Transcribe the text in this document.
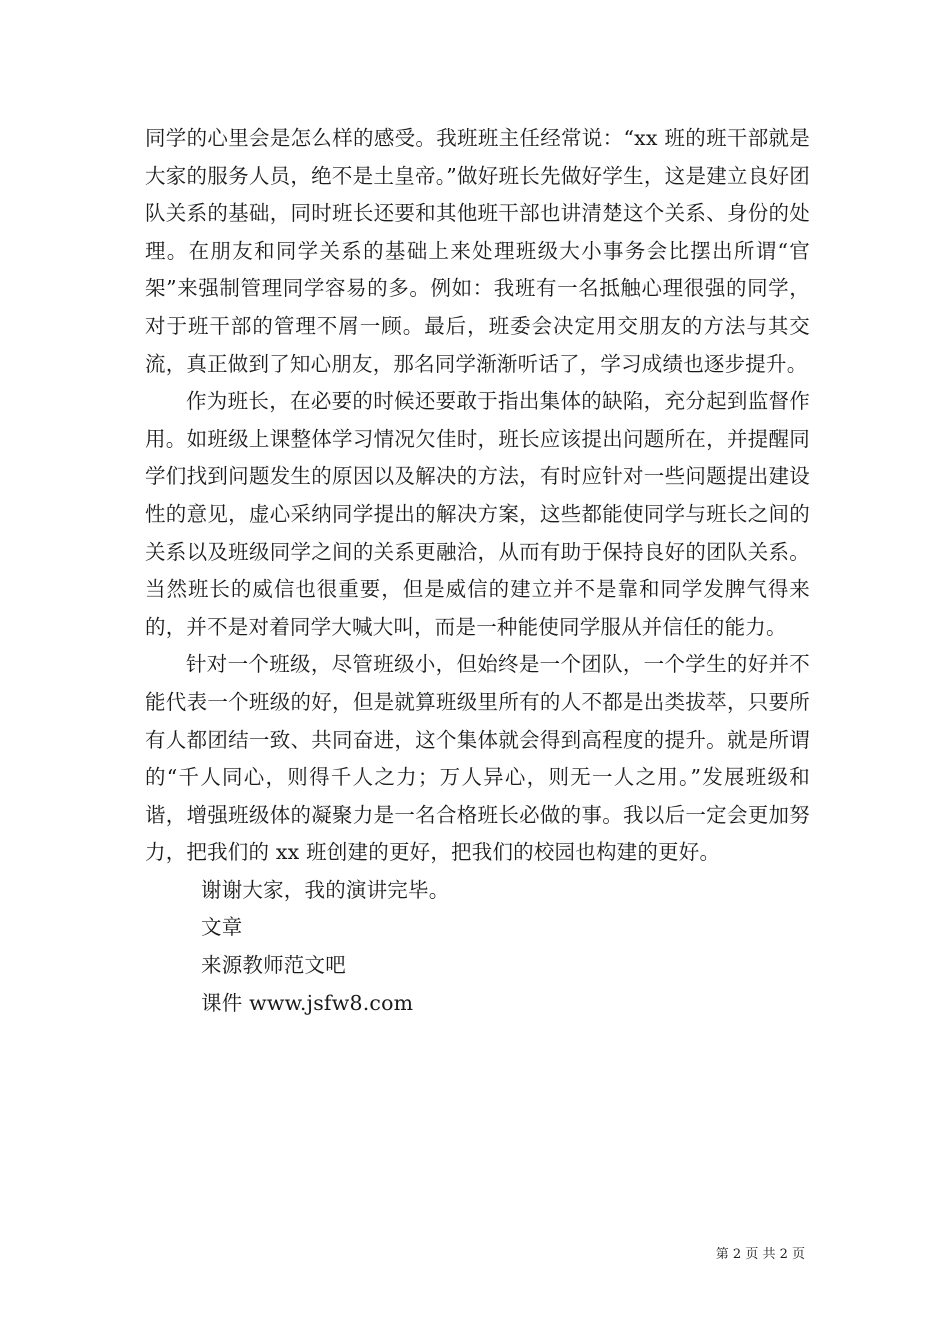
同学的心里会是怎么样的感受。我班班主任经常说：“xx 班的班干部就是大家的服务人员，绝不是土皇帝。”做好班长先做好学生，这是建立良好团队关系的基础，同时班长还要和其他班干部也讲清楚这个关系、身份的处理。在朋友和同学关系的基础上来处理班级大小事务会比摆出所谓“官架”来强制管理同学容易的多。例如：我班有一名抵触心理很强的同学，对于班干部的管理不屑一顾。最后，班委会决定用交朋友的方法与其交流，真正做到了知心朋友，那名同学渐渐听话了，学习成绩也逐步提升。

作为班长，在必要的时候还要敢于指出集体的缺陷，充分起到监督作用。如班级上课整体学习情况欠佳时，班长应该提出问题所在，并提醒同学们找到问题发生的原因以及解决的方法，有时应针对一些问题提出建设性的意见，虚心采纳同学提出的解决方案，这些都能使同学与班长之间的关系以及班级同学之间的关系更融洽，从而有助于保持良好的团队关系。当然班长的威信也很重要，但是威信的建立并不是靠和同学发脾气得来的，并不是对着同学大喊大叫，而是一种能使同学服从并信任的能力。

针对一个班级，尽管班级小，但始终是一个团队，一个学生的好并不能代表一个班级的好，但是就算班级里所有的人不都是出类拔萃，只要所有人都团结一致、共同奋进，这个集体就会得到高程度的提升。就是所谓的“千人同心，则得千人之力；万人异心，则无一人之用。”发展班级和谐，增强班级体的凝聚力是一名合格班长必做的事。我以后一定会更加努力，把我们的 xx 班创建的更好，把我们的校园也构建的更好。

谢谢大家，我的演讲完毕。

文章

来源教师范文吧

课件 www.jsfw8.com

第 2 页 共 2 页
